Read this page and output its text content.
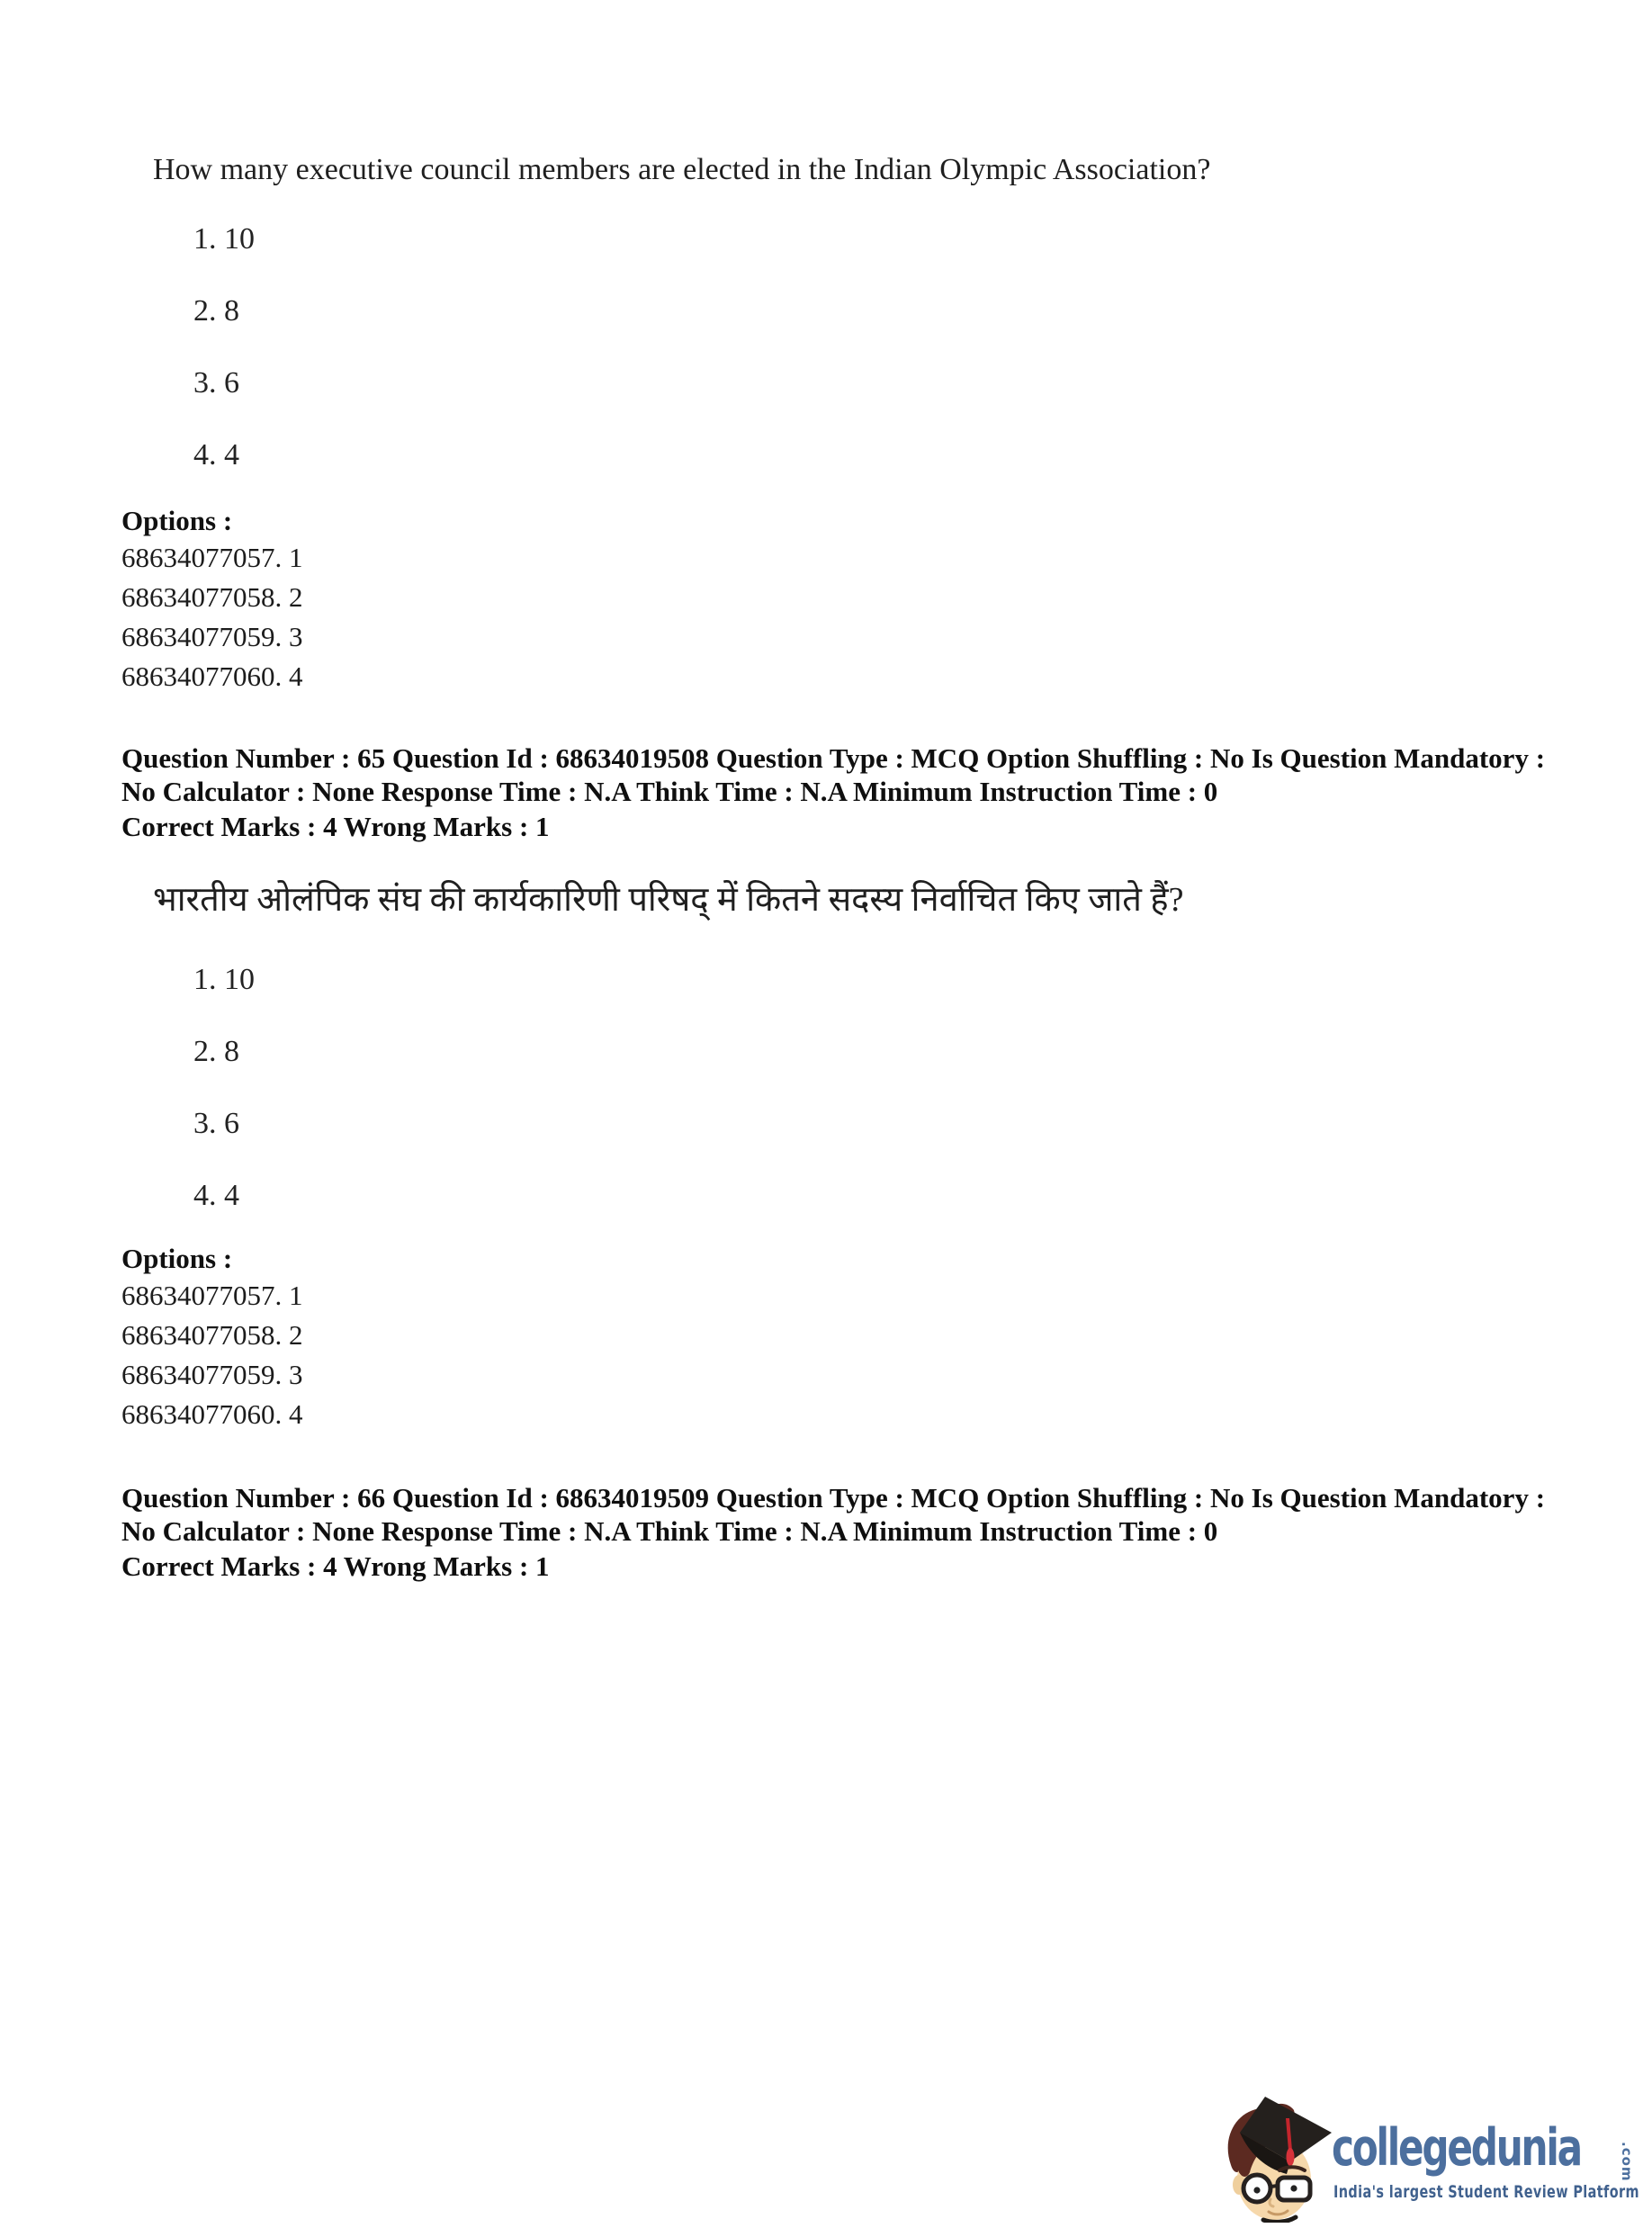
How many executive council members are elected in the Indian Olympic Association?
1. 10
2. 8
3. 6
4. 4
Options :
68634077057. 1
68634077058. 2
68634077059. 3
68634077060. 4
Question Number : 65 Question Id : 68634019508 Question Type : MCQ Option Shuffling : No Is Question Mandatory :
No Calculator : None Response Time : N.A Think Time : N.A Minimum Instruction Time : 0
Correct Marks : 4 Wrong Marks : 1
भारतीय ओलंपिक संघ की कार्यकारिणी परिषद् में कितने सदस्य निर्वाचित किए जाते हैं?
1. 10
2. 8
3. 6
4. 4
Options :
68634077057. 1
68634077058. 2
68634077059. 3
68634077060. 4
Question Number : 66 Question Id : 68634019509 Question Type : MCQ Option Shuffling : No Is Question Mandatory :
No Calculator : None Response Time : N.A Think Time : N.A Minimum Instruction Time : 0
Correct Marks : 4 Wrong Marks : 1
collegedunia	.com
India's largest Student Review Platform
